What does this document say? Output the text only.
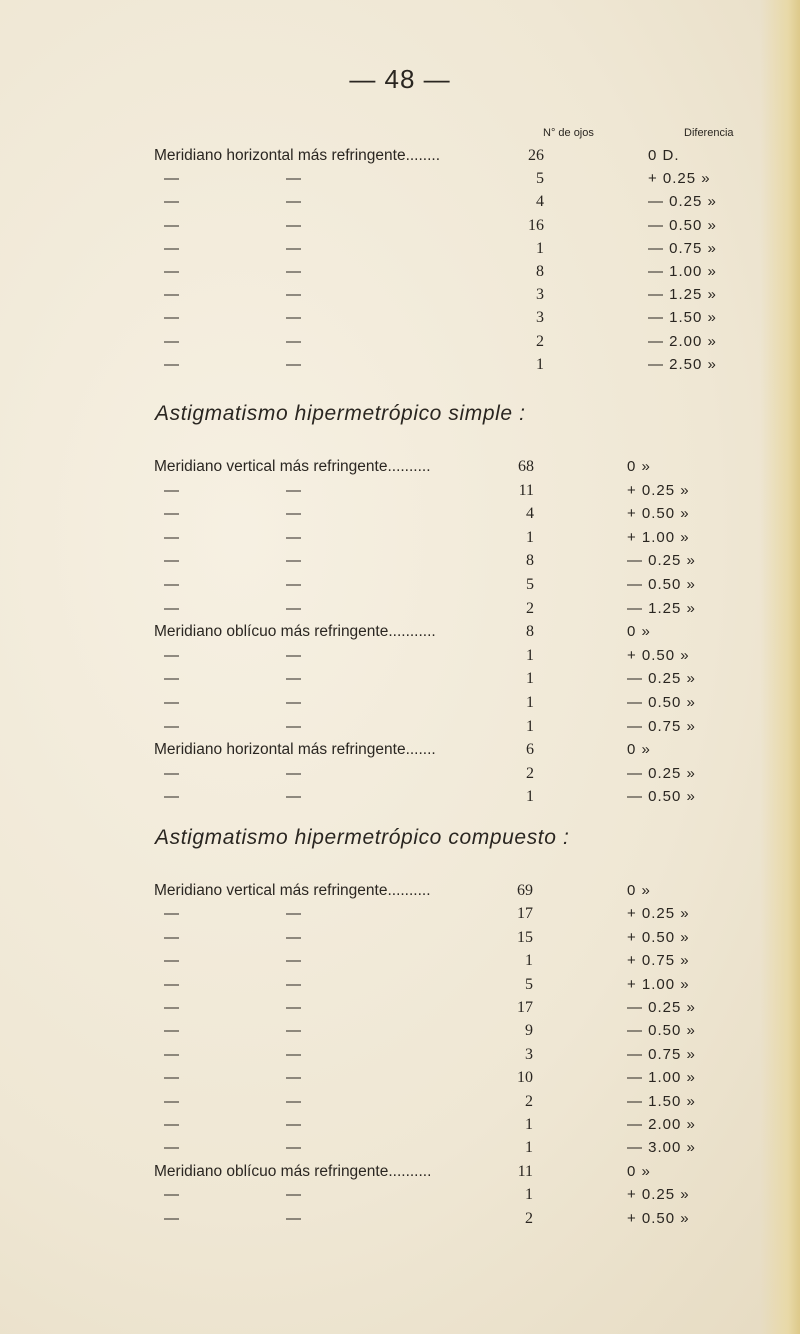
— 48 —
N° de ojos	Diferencia
Meridiano horizontal más refringente........	26	0 D.
—	—	5	+ 0.25 »
—	—	4	— 0.25 »
—	—	16	— 0.50 »
—	—	1	— 0.75 »
—	—	8	— 1.00 »
—	—	3	— 1.25 »
—	—	3	— 1.50 »
—	—	2	— 2.00 »
—	—	1	— 2.50 »
Astigmatismo hipermetrópico simple :
Meridiano vertical más refringente..........	68	0 »
—	—	11	+ 0.25 »
—	—	4	+ 0.50 »
—	—	1	+ 1.00 »
—	—	8	— 0.25 »
—	—	5	— 0.50 »
—	—	2	— 1.25 »
Meridiano oblícuo más refringente...........	8	0 »
—	—	1	+ 0.50 »
—	—	1	— 0.25 »
—	—	1	— 0.50 »
—	—	1	— 0.75 »
Meridiano horizontal más refringente.......	6	0 »
—	—	2	— 0.25 »
—	—	1	— 0.50 »
Astigmatismo hipermetrópico compuesto :
Meridiano vertical más refringente..........	69	0 »
—	—	17	+ 0.25 »
—	—	15	+ 0.50 »
—	—	1	+ 0.75 »
—	—	5	+ 1.00 »
—	—	17	— 0.25 »
—	—	9	— 0.50 »
—	—	3	— 0.75 »
—	—	10	— 1.00 »
—	—	2	— 1.50 »
—	—	1	— 2.00 »
—	—	1	— 3.00 »
Meridiano oblícuo más refringente..........	11	0 »
—	—	1	+ 0.25 »
—	—	2	+ 0.50 »
